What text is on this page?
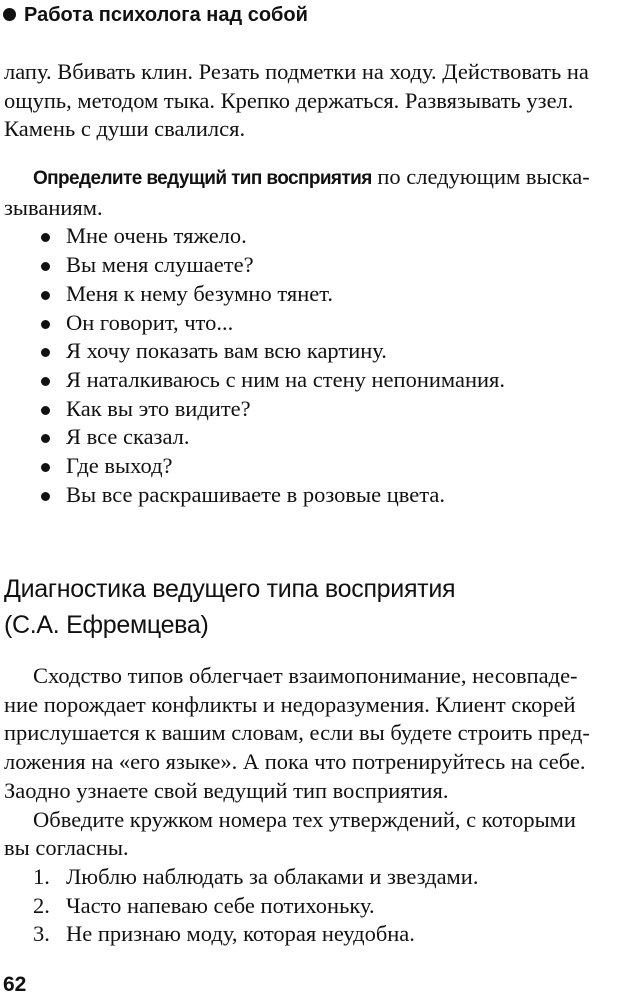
Работа психолога над собой

лапу. Вбивать клин. Резать подметки на ходу. Действовать на

ощупь, методом тыка. Крепко держаться. Развязывать узел.

Камень с души свалился.

Определите ведущий тип восприятия по следующим выска-

зываниям.

Мне очень тяжело.
Вы меня слушаете?
Меня к нему безумно тянет.
Он говорит, что...
Я хочу показать вам всю картину.
Я наталкиваюсь с ним на стену непонимания.
Как вы это видите?
Я все сказал.
Где выход?
Вы все раскрашиваете в розовые цвета.
Диагностика ведущего типа восприятия
(С.А. Ефремцева)

Сходство типов облегчает взаимопонимание, несовпаде-

ние порождает конфликты и недоразумения. Клиент скорей

прислушается к вашим словам, если вы будете строить пред-

ложения на «его языке». А пока что потренируйтесь на себе.

Заодно узнаете свой ведущий тип восприятия.

Обведите кружком номера тех утверждений, с которыми

вы согласны.

1. Люблю наблюдать за облаками и звездами.
2. Часто напеваю себе потихоньку.
3. Не признаю моду, которая неудобна.
62
